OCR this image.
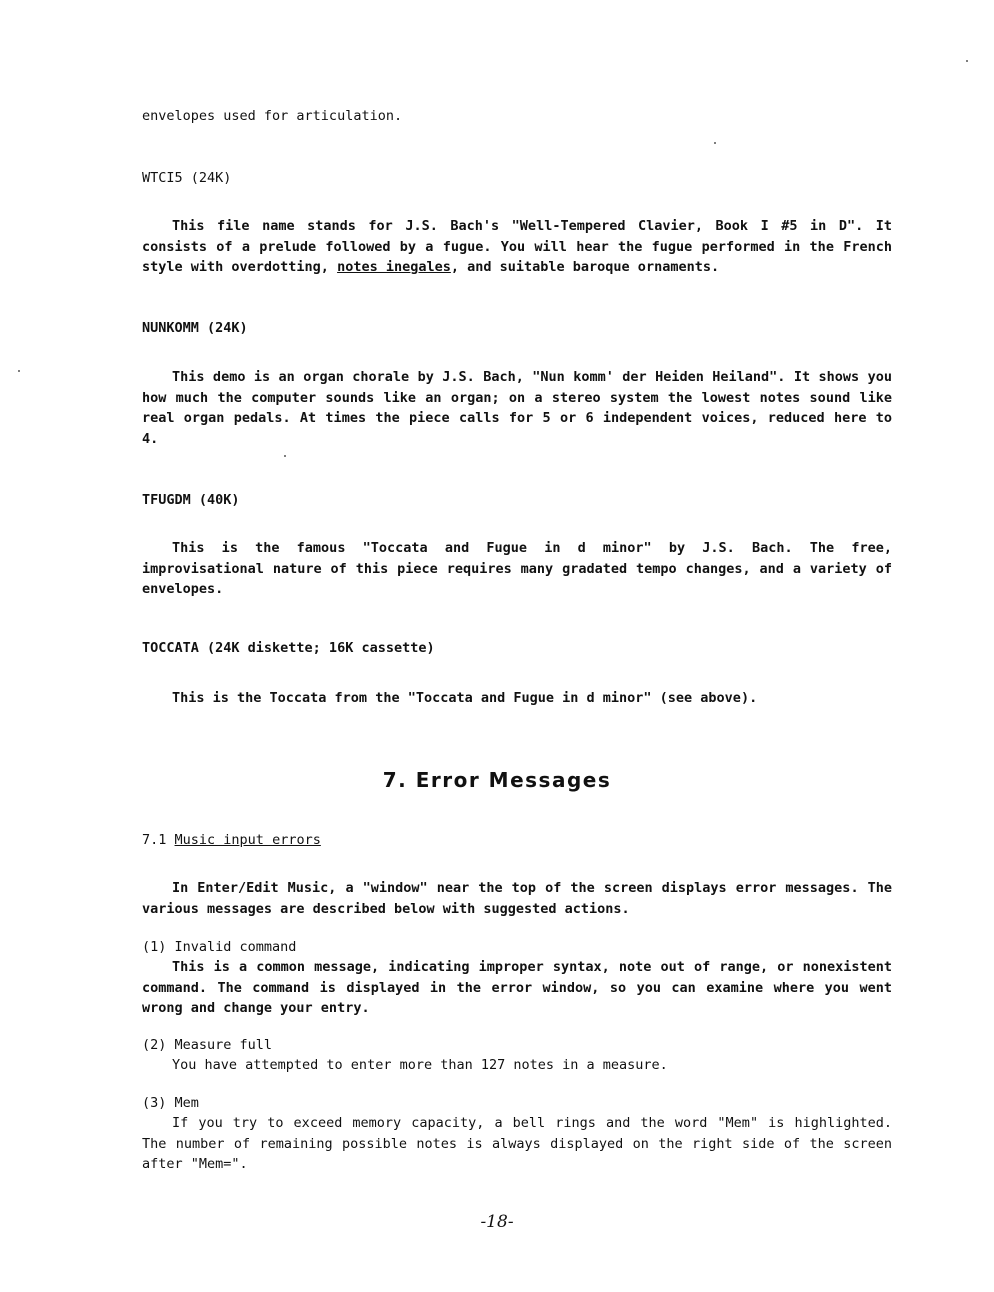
envelopes used for articulation.
WTCI5 (24K)
This file name stands for J.S. Bach's "Well-Tempered Clavier, Book I #5 in D". It consists of a prelude followed by a fugue. You will hear the fugue performed in the French style with overdotting, notes inegales, and suitable baroque ornaments.
NUNKOMM (24K)
This demo is an organ chorale by J.S. Bach, "Nun komm' der Heiden Heiland". It shows you how much the computer sounds like an organ; on a stereo system the lowest notes sound like real organ pedals. At times the piece calls for 5 or 6 independent voices, reduced here to 4.
TFUGDM (40K)
This is the famous "Toccata and Fugue in d minor" by J.S. Bach. The free, improvisational nature of this piece requires many gradated tempo changes, and a variety of envelopes.
TOCCATA (24K diskette; 16K cassette)
This is the Toccata from the "Toccata and Fugue in d minor" (see above).
7. Error Messages
7.1 Music input errors
In Enter/Edit Music, a "window" near the top of the screen displays error messages. The various messages are described below with suggested actions.
(1) Invalid command
This is a common message, indicating improper syntax, note out of range, or nonexistent command. The command is displayed in the error window, so you can examine where you went wrong and change your entry.
(2) Measure full
You have attempted to enter more than 127 notes in a measure.
(3) Mem
If you try to exceed memory capacity, a bell rings and the word "Mem" is highlighted. The number of remaining possible notes is always displayed on the right side of the screen after "Mem=".
-18-
